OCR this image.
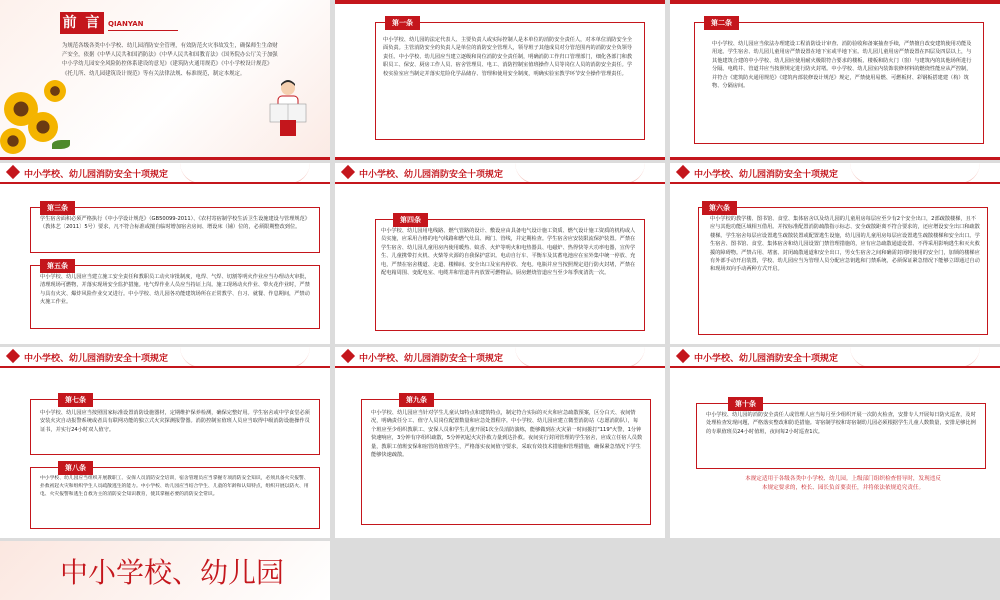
前 言 QIANYAN
为规范各级各类中小学校、幼儿园消防安全管理，有效防范火灾事故发生，确保师生生命财产安全，依据《中华人民共和国消防法》《中华人民共和国教育法》《国务院办公厅关于加强中小学幼儿园安全风险防控体系建设的意见》《建筑防火通用规范》《中小学校设计规范》《托儿所、幼儿园建筑设计规范》等有关法律法规、标准规范，制定本规定。
第一条
中小学校、幼儿园的法定代表人、主要负责人或实际控制人是本单位的消防安全责任人，对本单位消防安全全面负责。主管消防安全的负责人是单位的消防安全管理人，领导班子其他成员对分管范围内的消防安全负领导责任。中小学校、幼儿园应当建立逐级和岗位消防安全责任制，明确消防工作归口管理部门，细化各部门和教职员工、保安、厨房工作人员、宿舍管理员、电工、消防控制室值班操作人员等岗位人员的消防安全责任。学校实验室应当制定并落实危险化学品储存、管理和使用安全制度，明确实验室教学环节安全操作管理责任。
第二条
中小学校、幼儿园应当依法办理建设工程消防设计审查、消防验收和备案抽查手续，严禁擅自改变建筑使用功能及用途。学生宿舍、幼儿园儿童用房严禁设置在地下室或半地下室。幼儿园儿童用房严禁设置在四层及四层以上，与其他建筑合建的中小学校、幼儿园应使用耐火极限符合要求的楼板、楼板和防火门（窗）与建筑内的其他场所进行分隔。电缆井、管道井应当按照规定进行防火封堵。中小学校、幼儿园室内装饰装修材料的燃烧性能应从严控制，并符合《建筑防火通用规范》《建筑内部装修设计规范》规定，严禁使用易燃、可燃板材、彩钢板搭建建（构）筑物、分隔房间。
中小学校、幼儿园消防安全十项规定
第三条
学生宿舍面积必须严格执行《中小学设计规范》（GB50099-2011）、《农村寄宿制学校生活卫生设施建设与管理规范》（教体艺〔2011〕5号）要求，凡不符合标准或擅自临时增加宿舍房间、增设床（铺）位的，必须限期整改到位。
第五条
中小学校、幼儿园应当建立施工安全责任和教职员工动火审批制度，电焊、气焊、切割等明火作业应当办理动火审批，清理现场可燃物，并落实现场安全监护措施。电气焊作业人员应当持证上岗。施工现场动火作业、带火花作业时，严禁与具有火灾、爆炸风险作业交叉进行。中小学校、幼儿园各功能建筑场所在正常教学、自习、就餐、作息期间，严禁动火施工作业。
中小学校、幼儿园消防安全十项规定
第四条
中小学校、幼儿园用电线路、燃气管路的设计、敷设应由具备电气设计施工资质、燃气设计施工资质的机构或人员实施，应采用合格的电气线路和燃气灶具、阀门、管线，并定期检查。学生宿舍应安装限流保护装置。严禁在学生宿舍、幼儿园儿童用房内使用暖热、蚊香、火炉等明火和电热器具、电磁炉、热得快等大功率电器，宣传学生、儿童携带打火机、火柴等火源的自我保护意识。电动自行车、平衡车及其蓄电池应在室外集中统一停放、充电，严禁在宿舍楼道、走道、楼梯间、安全出口及室内停放、充电。电瓶并应当按照规定进行防火封堵，严禁在配电箱周围、变配电室、电缆井和管道井内放置可燃物品。厨房燃烧管道应当至少每季度清洗一次。
中小学校、幼儿园消防安全十项规定
第六条
中小学校的教学楼、图书馆、食堂、集体宿舍以及幼儿园的儿童用房每层应至少有2个安全出口，2部疏散楼梯，且不应与其他功能区域相互借用。并按标准配置消防疏散指示标志、安全疏散距离不符合要求的，还应增设安全出口和疏散楼梯。学生宿舍每层应设置逃生疏散装置或配置逃生设施，幼儿园的儿童用房每层应设置逃生疏散楼梯和安全出口。学生宿舍、图书馆、食堂、集体宿舍和幼儿园设置门禁管理措施的，应有应急疏散通道设置、不得采用影响逃生和灭火救援的障碍物。严禁占用、堵塞、封闭疏散通道和安全出口，男女生宿舍之间和确需封闭时使用的安全门，加锁的楼梯应有外部手动开启装置，学校、幼儿园应当为管理人员分配应急钥匙和门禁系统，必须保证紧急情况下能够立即通过自动和现场双向手动两种方式开启。
中小学校、幼儿园消防安全十项规定
第七条
中小学校、幼儿园应当按照国家标准设置消防设施器材，定期维护保养检测，确保完整好用。学生宿舍或中学食堂必须安装火灾自动报警系统或者具有联网功能的独立式火灾探测报警器。消防控制室值班人员应当取得中级消防设施操作员证书，并实行24小时双人值守。
第八条
中小学校、幼儿园应当组织开展教职工、安保人员消防安全培训，宿舍管理员应当掌握专项消防安全知识，必须具备火灾报警、扑救初起火灾和组织学生人员疏散逃生的能力。中小学校、幼儿园应当结合学生、儿童的年龄和认知特点，组织开展以防火、用电、火灾报警和逃生自救为主的消防安全知识教育，使其掌握必要的消防安全常识。
中小学校、幼儿园消防安全十项规定
第九条
中小学校、幼儿园应当针对学生儿童认知特点和建筑特点，制定符合实际的灭火和应急疏散预案，区分白天、夜间情况，明确责任分工、值守人员岗位配置数量和应急处置程序。中小学校、幼儿园应建立微型消防站（志愿消防队），每个班应至少组织教职工、安保人员和学生儿童开展1次全员消防演练，能够做到在火灾第一时间拨打"119"火警，1分钟快速响应，3分钟有序组织疏散，5分钟初起火灾扑救力量到达扑救。夜间实行封闭管理的学生宿舍，应成立任宿人员数量，教职工值班安保和宿管的值班学生，严格落实夜间值守要求，采取有效技术措施和管理措施，确保紧急情况下学生能够快速疏散。
中小学校、幼儿园消防安全十项规定
第十条
中小学校、幼儿园的消防安全责任人或管理人应当每月至少组织开展一次防火检查，安排专人开展每日防火巡查，及时处理检查发现问题，严格落实整改和防范措施。寄宿制学校和寄宿制幼儿园必须根据学生儿童人数数量，安排足够比例的专职值班员24小时值班，夜间每2小时巡查1次。
本规定适用于各级各类中小学校、幼儿园。上级部门组织检查督导时，发现违反
本规定要求的，校长、园长负首要责任，并将依法依规追究责任。
中小学校、幼儿园
